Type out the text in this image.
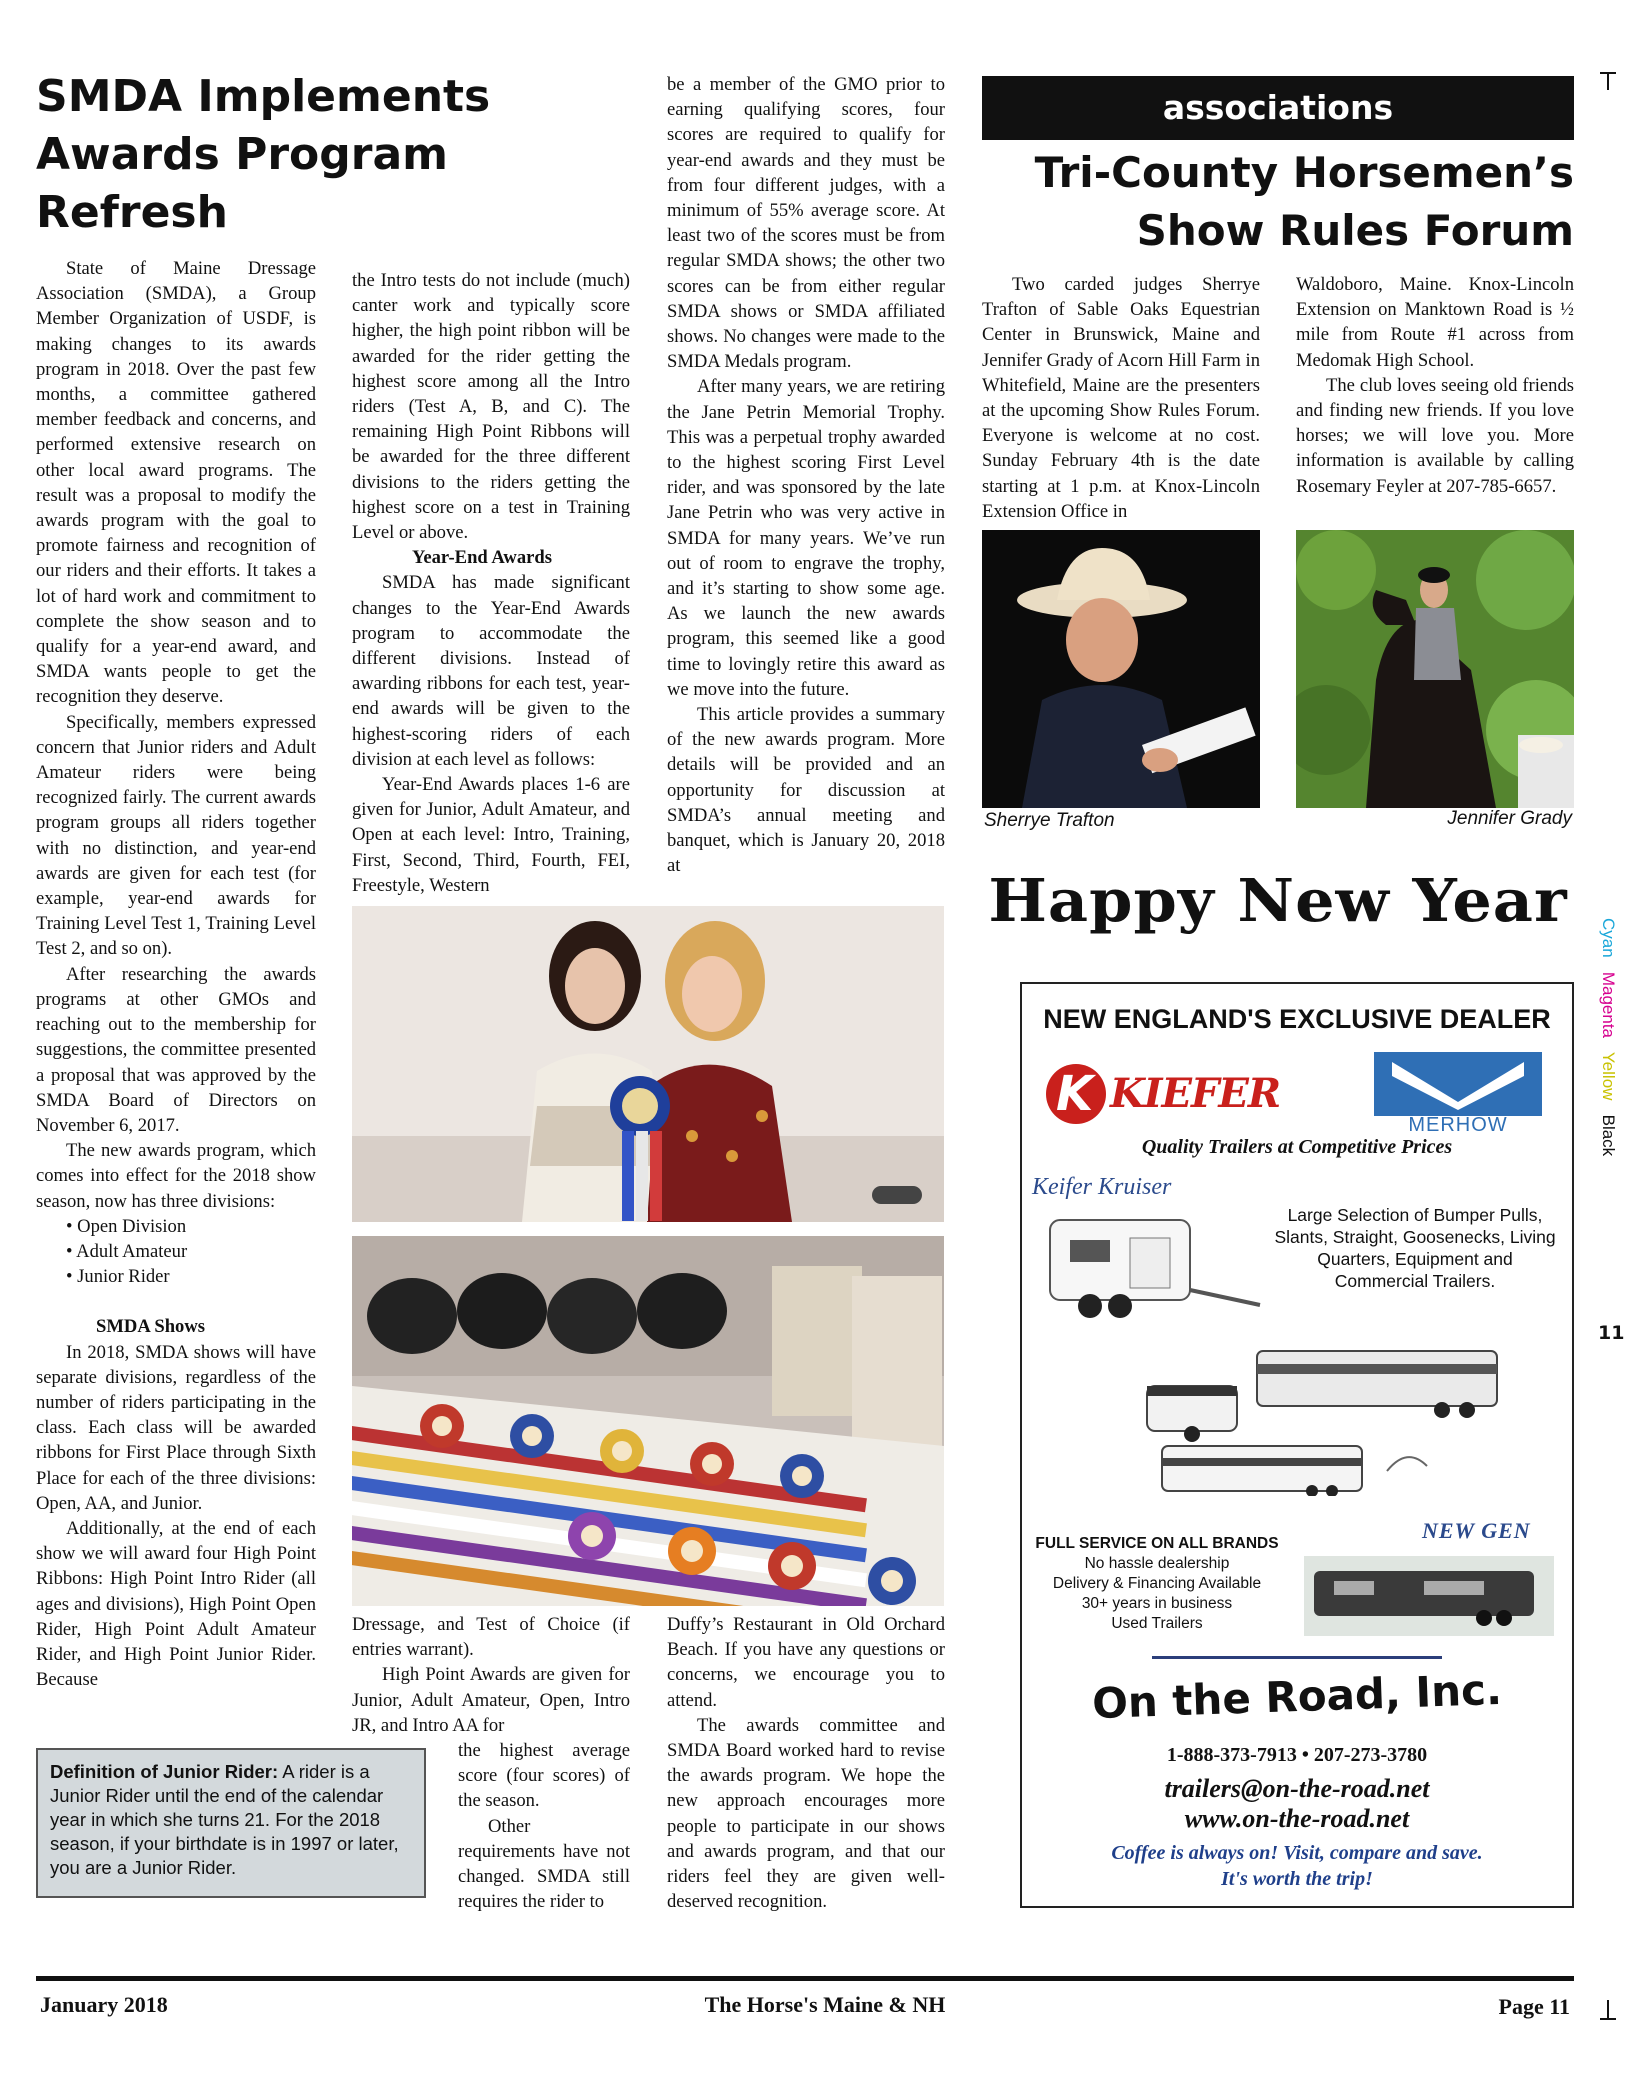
SMDA Implements
Awards Program
Refresh

State of Maine Dressage Association (SMDA), a Group Member Organization of USDF, is making changes to its awards program in 2018. Over the past few months, a committee gathered member feedback and concerns, and performed extensive research on other local award programs. The result was a proposal to modify the awards program with the goal to promote fairness and recognition of our riders and their efforts. It takes a lot of hard work and commitment to complete the show season and to qualify for a year-end award, and SMDA wants people to get the recognition they deserve.

Specifically, members expressed concern that Junior riders and Adult Amateur riders were being recognized fairly. The current awards program groups all riders together with no distinction, and year-end awards are given for each test (for example, year-end awards for Training Level Test 1, Training Level Test 2, and so on).

After researching the awards programs at other GMOs and reaching out to the membership for suggestions, the committee presented a proposal that was approved by the SMDA Board of Directors on November 6, 2017.

The new awards program, which comes into effect for the 2018 show season, now has three divisions:

• Open Division
• Adult Amateur
• Junior Rider

SMDA Shows

In 2018, SMDA shows will have separate divisions, regardless of the number of riders participating in the class. Each class will be awarded ribbons for First Place through Sixth Place for each of the three divisions: Open, AA, and Junior.

Additionally, at the end of each show we will award four High Point Ribbons: High Point Intro Rider (all ages and divisions), High Point Open Rider, High Point Adult Amateur Rider, and High Point Junior Rider. Because

the Intro tests do not include (much) canter work and typically score higher, the high point ribbon will be awarded for the rider getting the highest score among all the Intro riders (Test A, B, and C). The remaining High Point Ribbons will be awarded for the three different divisions to the riders getting the highest score on a test in Training Level or above.

Year-End Awards

SMDA has made significant changes to the Year-End Awards program to accommodate the different divisions. Instead of awarding ribbons for each test, year-end awards will be given to the highest-scoring riders of each division at each level as follows:

Year-End Awards places 1-6 are given for Junior, Adult Amateur, and Open at each level: Intro, Training, First, Second, Third, Fourth, FEI, Freestyle, Western

be a member of the GMO prior to earning qualifying scores, four scores are required to qualify for year-end awards and they must be from four different judges, with a minimum of 55% average score. At least two of the scores must be from regular SMDA shows; the other two scores can be from either regular SMDA shows or SMDA affiliated shows. No changes were made to the SMDA Medals program.

After many years, we are retiring the Jane Petrin Memorial Trophy. This was a perpetual trophy awarded to the highest scoring First Level rider, and was sponsored by the late Jane Petrin who was very active in SMDA for many years. We’ve run out of room to engrave the trophy, and it’s starting to show some age. As we launch the new awards program, this seemed like a good time to lovingly retire this award as we move into the future.

This article provides a summary of the new awards program. More details will be provided and an opportunity for discussion at SMDA’s annual meeting and banquet, which is January 20, 2018 at

Dressage, and Test of Choice (if entries warrant).

High Point Awards are given for Junior, Adult Amateur, Open, Intro JR, and Intro AA for

the highest average score (four scores) of the season.

Other requirements have not changed. SMDA still requires the rider to

Duffy’s Restaurant in Old Orchard Beach. If you have any questions or concerns, we encourage you to attend.

The awards committee and SMDA Board worked hard to revise the awards program. We hope the new approach encourages more people to participate in our shows and awards program, and that our riders feel they are given well-deserved recognition.

Definition of Junior Rider: A rider is a Junior Rider until the end of the calendar year in which she turns 21. For the 2018 season, if your birthdate is in 1997 or later, you are a Junior Rider.
associations
Tri-County Horsemen’s
Show Rules Forum

Two carded judges Sherrye Trafton of Sable Oaks Equestrian Center in Brunswick, Maine and Jennifer Grady of Acorn Hill Farm in Whitefield, Maine are the presenters at the upcoming Show Rules Forum. Everyone is welcome at no cost. Sunday February 4th is the date starting at 1 p.m. at Knox-Lincoln Extension Office in

Waldoboro, Maine. Knox-Lincoln Extension on Manktown Road is ½ mile from Route #1 across from Medomak High School.

The club loves seeing old friends and finding new friends. If you love horses; we will love you. More information is available by calling Rosemary Feyler at 207-785-6657.

Sherrye Trafton	Jennifer Grady
Happy New Year
NEW ENGLAND'S EXCLUSIVE DEALER
K KIEFER
MERHOW
Quality Trailers at Competitive Prices
Keifer Kruiser
Large Selection of Bumper Pulls, Slants, Straight, Goosenecks, Living Quarters, Equipment and Commercial Trailers.
NEW GEN
FULL SERVICE ON ALL BRANDS
No hassle dealership
Delivery & Financing Available
30+ years in business
Used Trailers
On the Road, Inc.
1-888-373-7913 • 207-273-3780
trailers@on-the-road.net
www.on-the-road.net
Coffee is always on! Visit, compare and save.
It's worth the trip!
Cyan   Magenta   Yellow   Black
11
January 2018	The Horse's Maine & NH	Page 11
